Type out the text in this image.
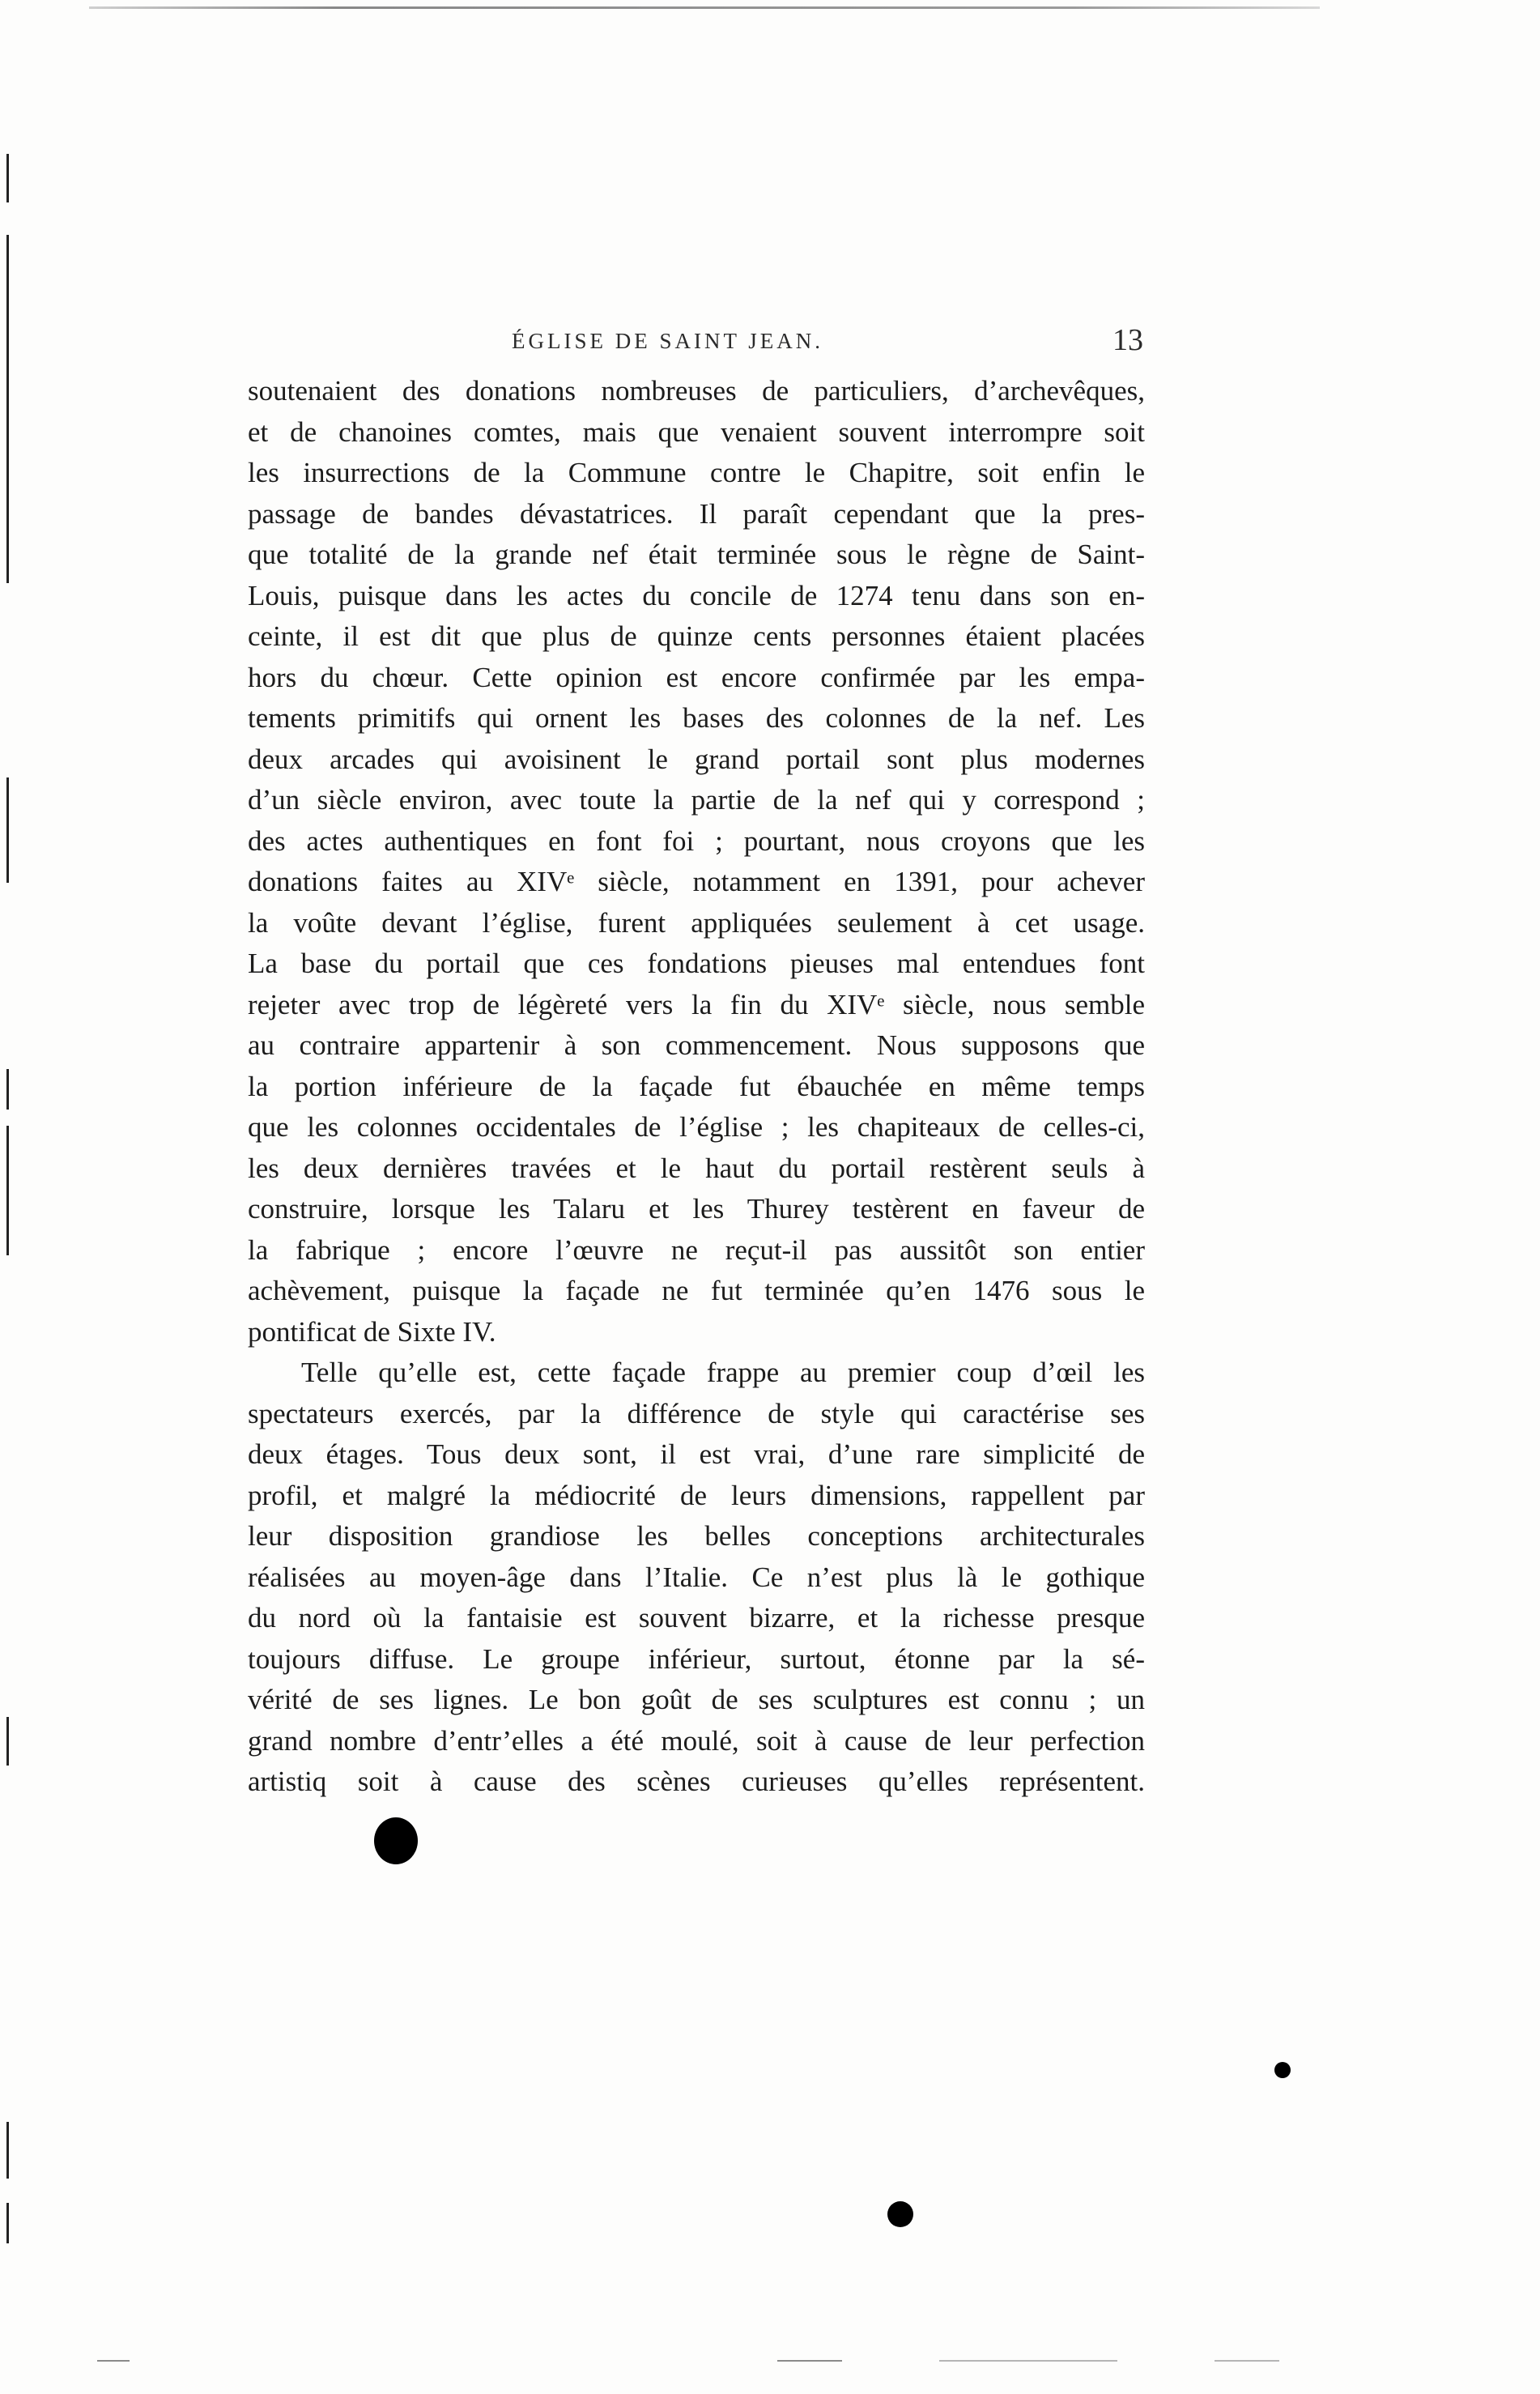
ÉGLISE DE SAINT JEAN.	13
soutenaient des donations nombreuses de particuliers, d’archevêques,
et de chanoines comtes, mais que venaient souvent interrompre soit
les insurrections de la Commune contre le Chapitre, soit enfin le
passage de bandes dévastatrices. Il paraît cependant que la pres-
que totalité de la grande nef était terminée sous le règne de Saint-
Louis, puisque dans les actes du concile de 1274 tenu dans son en-
ceinte, il est dit que plus de quinze cents personnes étaient placées
hors du chœur. Cette opinion est encore confirmée par les empa-
tements primitifs qui ornent les bases des colonnes de la nef. Les
deux arcades qui avoisinent le grand portail sont plus modernes
d’un siècle environ, avec toute la partie de la nef qui y correspond ;
des actes authentiques en font foi ; pourtant, nous croyons que les
donations faites au XIVᵉ siècle, notamment en 1391, pour achever
la voûte devant l’église, furent appliquées seulement à cet usage.
La base du portail que ces fondations pieuses mal entendues font
rejeter avec trop de légèreté vers la fin du XIVᵉ siècle, nous semble
au contraire appartenir à son commencement. Nous supposons que
la portion inférieure de la façade fut ébauchée en même temps
que les colonnes occidentales de l’église ; les chapiteaux de celles-ci,
les deux dernières travées et le haut du portail restèrent seuls à
construire, lorsque les Talaru et les Thurey testèrent en faveur de
la fabrique ; encore l’œuvre ne reçut-il pas aussitôt son entier
achèvement, puisque la façade ne fut terminée qu’en 1476 sous le
pontificat de Sixte IV.
Telle qu’elle est, cette façade frappe au premier coup d’œil les
spectateurs exercés, par la différence de style qui caractérise ses
deux étages. Tous deux sont, il est vrai, d’une rare simplicité de
profil, et malgré la médiocrité de leurs dimensions, rappellent par
leur disposition grandiose les belles conceptions architecturales
réalisées au moyen-âge dans l’Italie. Ce n’est plus là le gothique
du nord où la fantaisie est souvent bizarre, et la richesse presque
toujours diffuse. Le groupe inférieur, surtout, étonne par la sé-
vérité de ses lignes. Le bon goût de ses sculptures est connu ; un
grand nombre d’entr’elles a été moulé, soit à cause de leur perfection
artistiq soit à cause des scènes curieuses qu’elles représentent.
